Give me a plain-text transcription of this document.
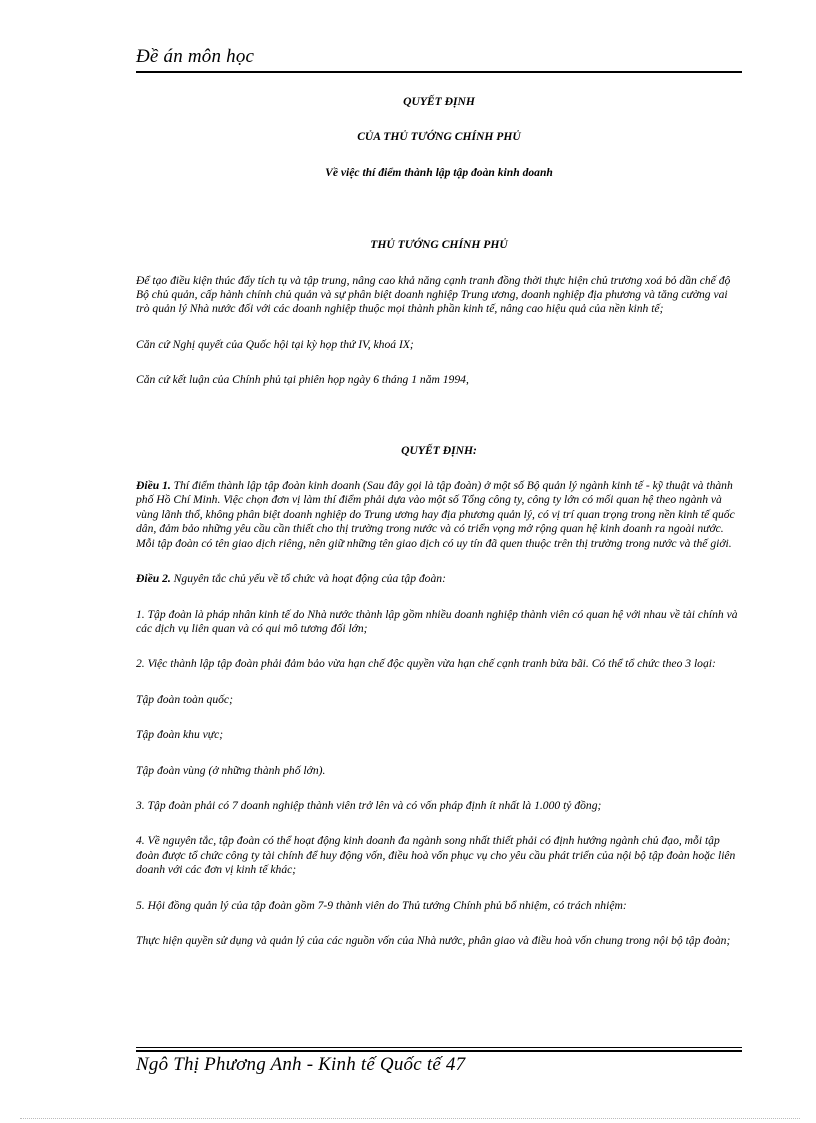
Đề án môn học

QUYẾT ĐỊNH

CỦA THỦ TƯỚNG CHÍNH PHỦ

Về việc thí điểm thành lập tập đoàn kinh doanh

THỦ TƯỚNG CHÍNH PHỦ

Để tạo điều kiện thúc đẩy tích tụ và tập trung, nâng cao khả năng cạnh tranh đồng thời thực hiện chủ trương xoá bỏ dần chế độ Bộ chủ quản, cấp hành chính chủ quản và sự phân biệt doanh nghiệp Trung ương, doanh nghiệp địa phương và tăng cường vai trò quản lý Nhà nước đối với các doanh nghiệp thuộc mọi thành phần kinh tế, nâng cao hiệu quả của nền kinh tế;

Căn cứ Nghị quyết của Quốc hội tại kỳ họp thứ IV, khoá IX;

Căn cứ kết luận của Chính phủ tại phiên họp ngày 6 tháng 1 năm 1994,

QUYẾT ĐỊNH:

Điều 1. Thí điểm thành lập tập đoàn kinh doanh (Sau đây gọi là tập đoàn) ở một số Bộ quản lý ngành kinh tế - kỹ thuật và thành phố Hồ Chí Minh. Việc chọn đơn vị làm thí điểm phải dựa vào một số Tổng công ty, công ty lớn có mối quan hệ theo ngành và vùng lãnh thổ, không phân biệt doanh nghiệp do Trung ương hay địa phương quản lý, có vị trí quan trọng trong nền kinh tế quốc dân, đảm bảo những yêu cầu cần thiết cho thị trường trong nước và có triển vọng mở rộng quan hệ kinh doanh ra ngoài nước. Mỗi tập đoàn có tên giao dịch riêng, nên giữ những tên giao dịch có uy tín đã quen thuộc trên thị trường trong nước và thế giới.

Điều 2. Nguyên tắc chủ yếu về tổ chức và hoạt động của tập đoàn:

1. Tập đoàn là pháp nhân kinh tế do Nhà nước thành lập gồm nhiều doanh nghiệp thành viên có quan hệ với nhau về tài chính và các dịch vụ liên quan và có qui mô tương đối lớn;

2. Việc thành lập tập đoàn phải đảm bảo vừa hạn chế độc quyền vừa hạn chế cạnh tranh bừa bãi. Có thể tổ chức theo 3 loại:

Tập đoàn toàn quốc;

Tập đoàn khu vực;

Tập đoàn vùng (ở những thành phố lớn).

3. Tập đoàn phải có 7 doanh nghiệp thành viên trở lên và có vốn pháp định ít nhất là 1.000 tỷ đồng;

4. Về nguyên tắc, tập đoàn có thể hoạt động kinh doanh đa ngành song nhất thiết phải có định hướng ngành chủ đạo, mỗi tập đoàn được tổ chức công ty tài chính để huy động vốn, điều hoà vốn phục vụ cho yêu cầu phát triển của nội bộ tập đoàn hoặc liên doanh với các đơn vị kinh tế khác;

5. Hội đồng quản lý của tập đoàn gồm 7-9 thành viên do Thủ tướng Chính phủ bổ nhiệm, có trách nhiệm:

Thực hiện quyền sử dụng và quản lý của các nguồn vốn của Nhà nước, phân giao và điều hoà vốn chung trong nội bộ tập đoàn;

Ngô Thị Phương Anh - Kinh tế Quốc tế 47
